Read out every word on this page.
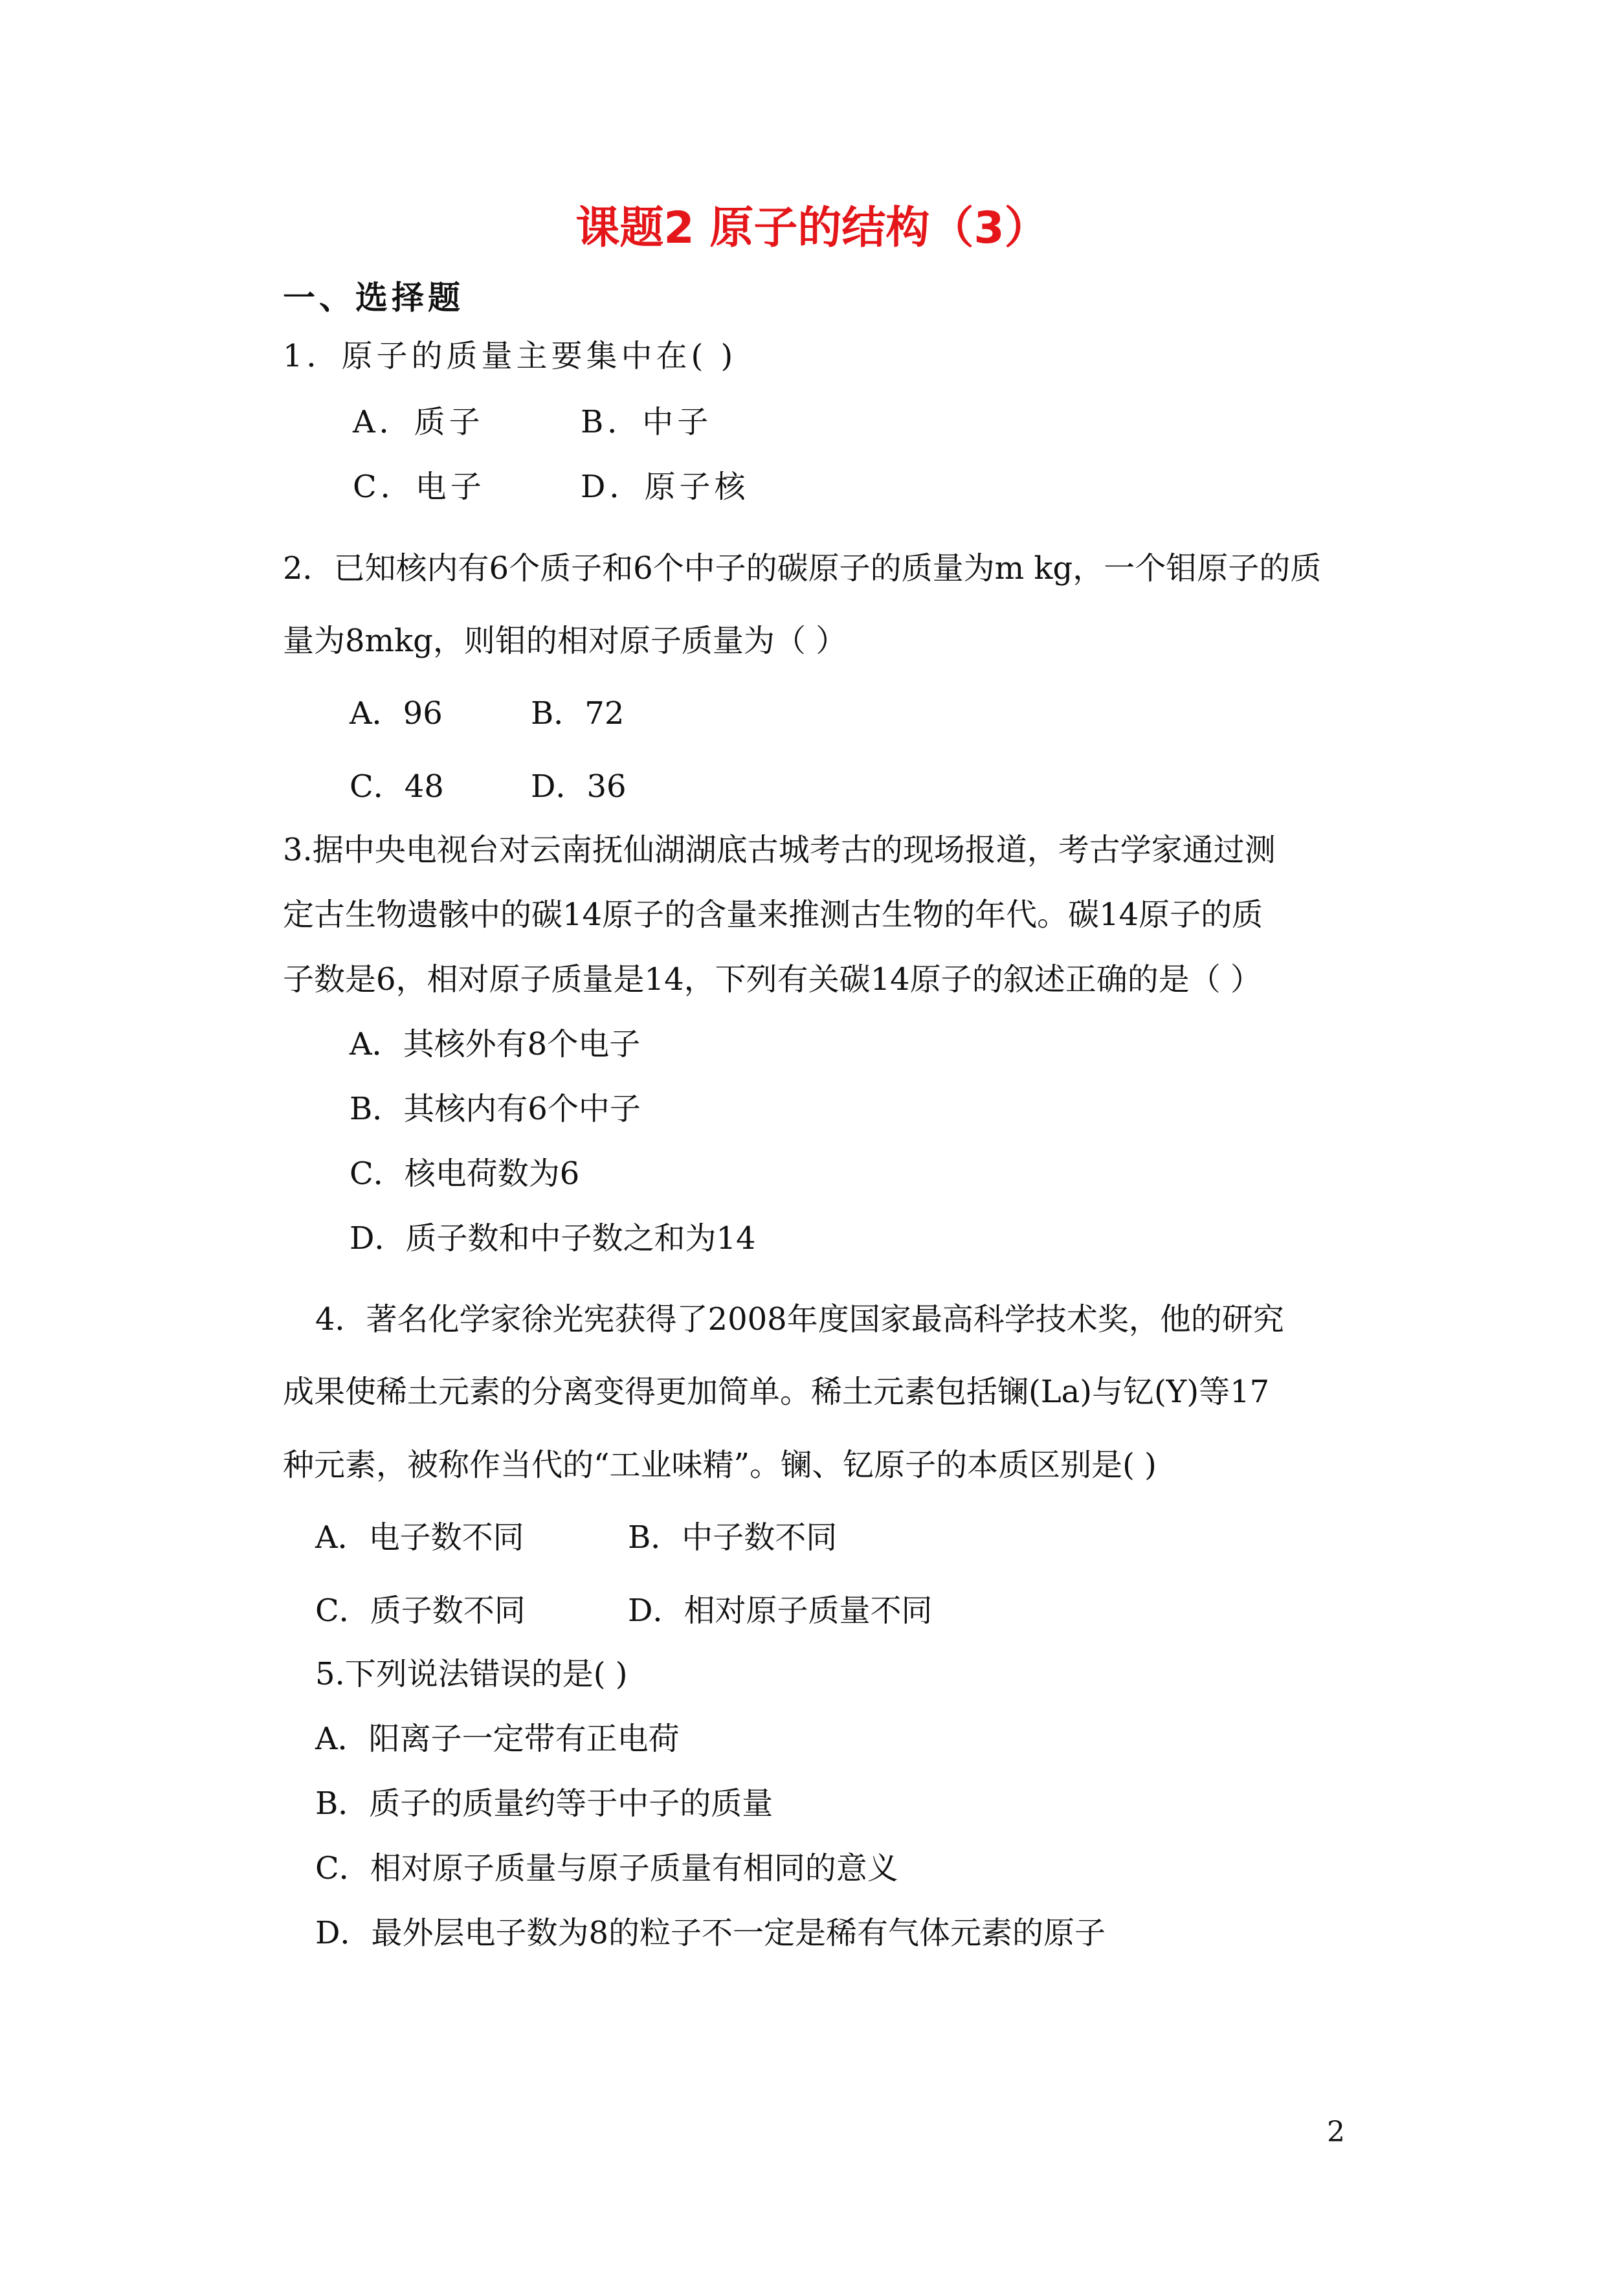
课题2 原子的结构（3）
一、选择题
1．原子的质量主要集中在( )
A．质子	B．中子
C．电子	D．原子核
2．已知核内有6个质子和6个中子的碳原子的质量为m kg，一个钼原子的质
量为8mkg，则钼的相对原子质量为（ ）
A．96	B．72
C．48	D．36
3.据中央电视台对云南抚仙湖湖底古城考古的现场报道，考古学家通过测
定古生物遗骸中的碳14原子的含量来推测古生物的年代。碳14原子的质
子数是6，相对原子质量是14，下列有关碳14原子的叙述正确的是（ ）
A．其核外有8个电子
B．其核内有6个中子
C．核电荷数为6
D．质子数和中子数之和为14
4．著名化学家徐光宪获得了2008年度国家最高科学技术奖，他的研究
成果使稀土元素的分离变得更加简单。稀土元素包括镧(La)与钇(Y)等17
种元素，被称作当代的“工业味精”。镧、钇原子的本质区别是( )
A．电子数不同	B．中子数不同
C．质子数不同	D．相对原子质量不同
5.下列说法错误的是( )
A．阳离子一定带有正电荷
B．质子的质量约等于中子的质量
C．相对原子质量与原子质量有相同的意义
D．最外层电子数为8的粒子不一定是稀有气体元素的原子
2
